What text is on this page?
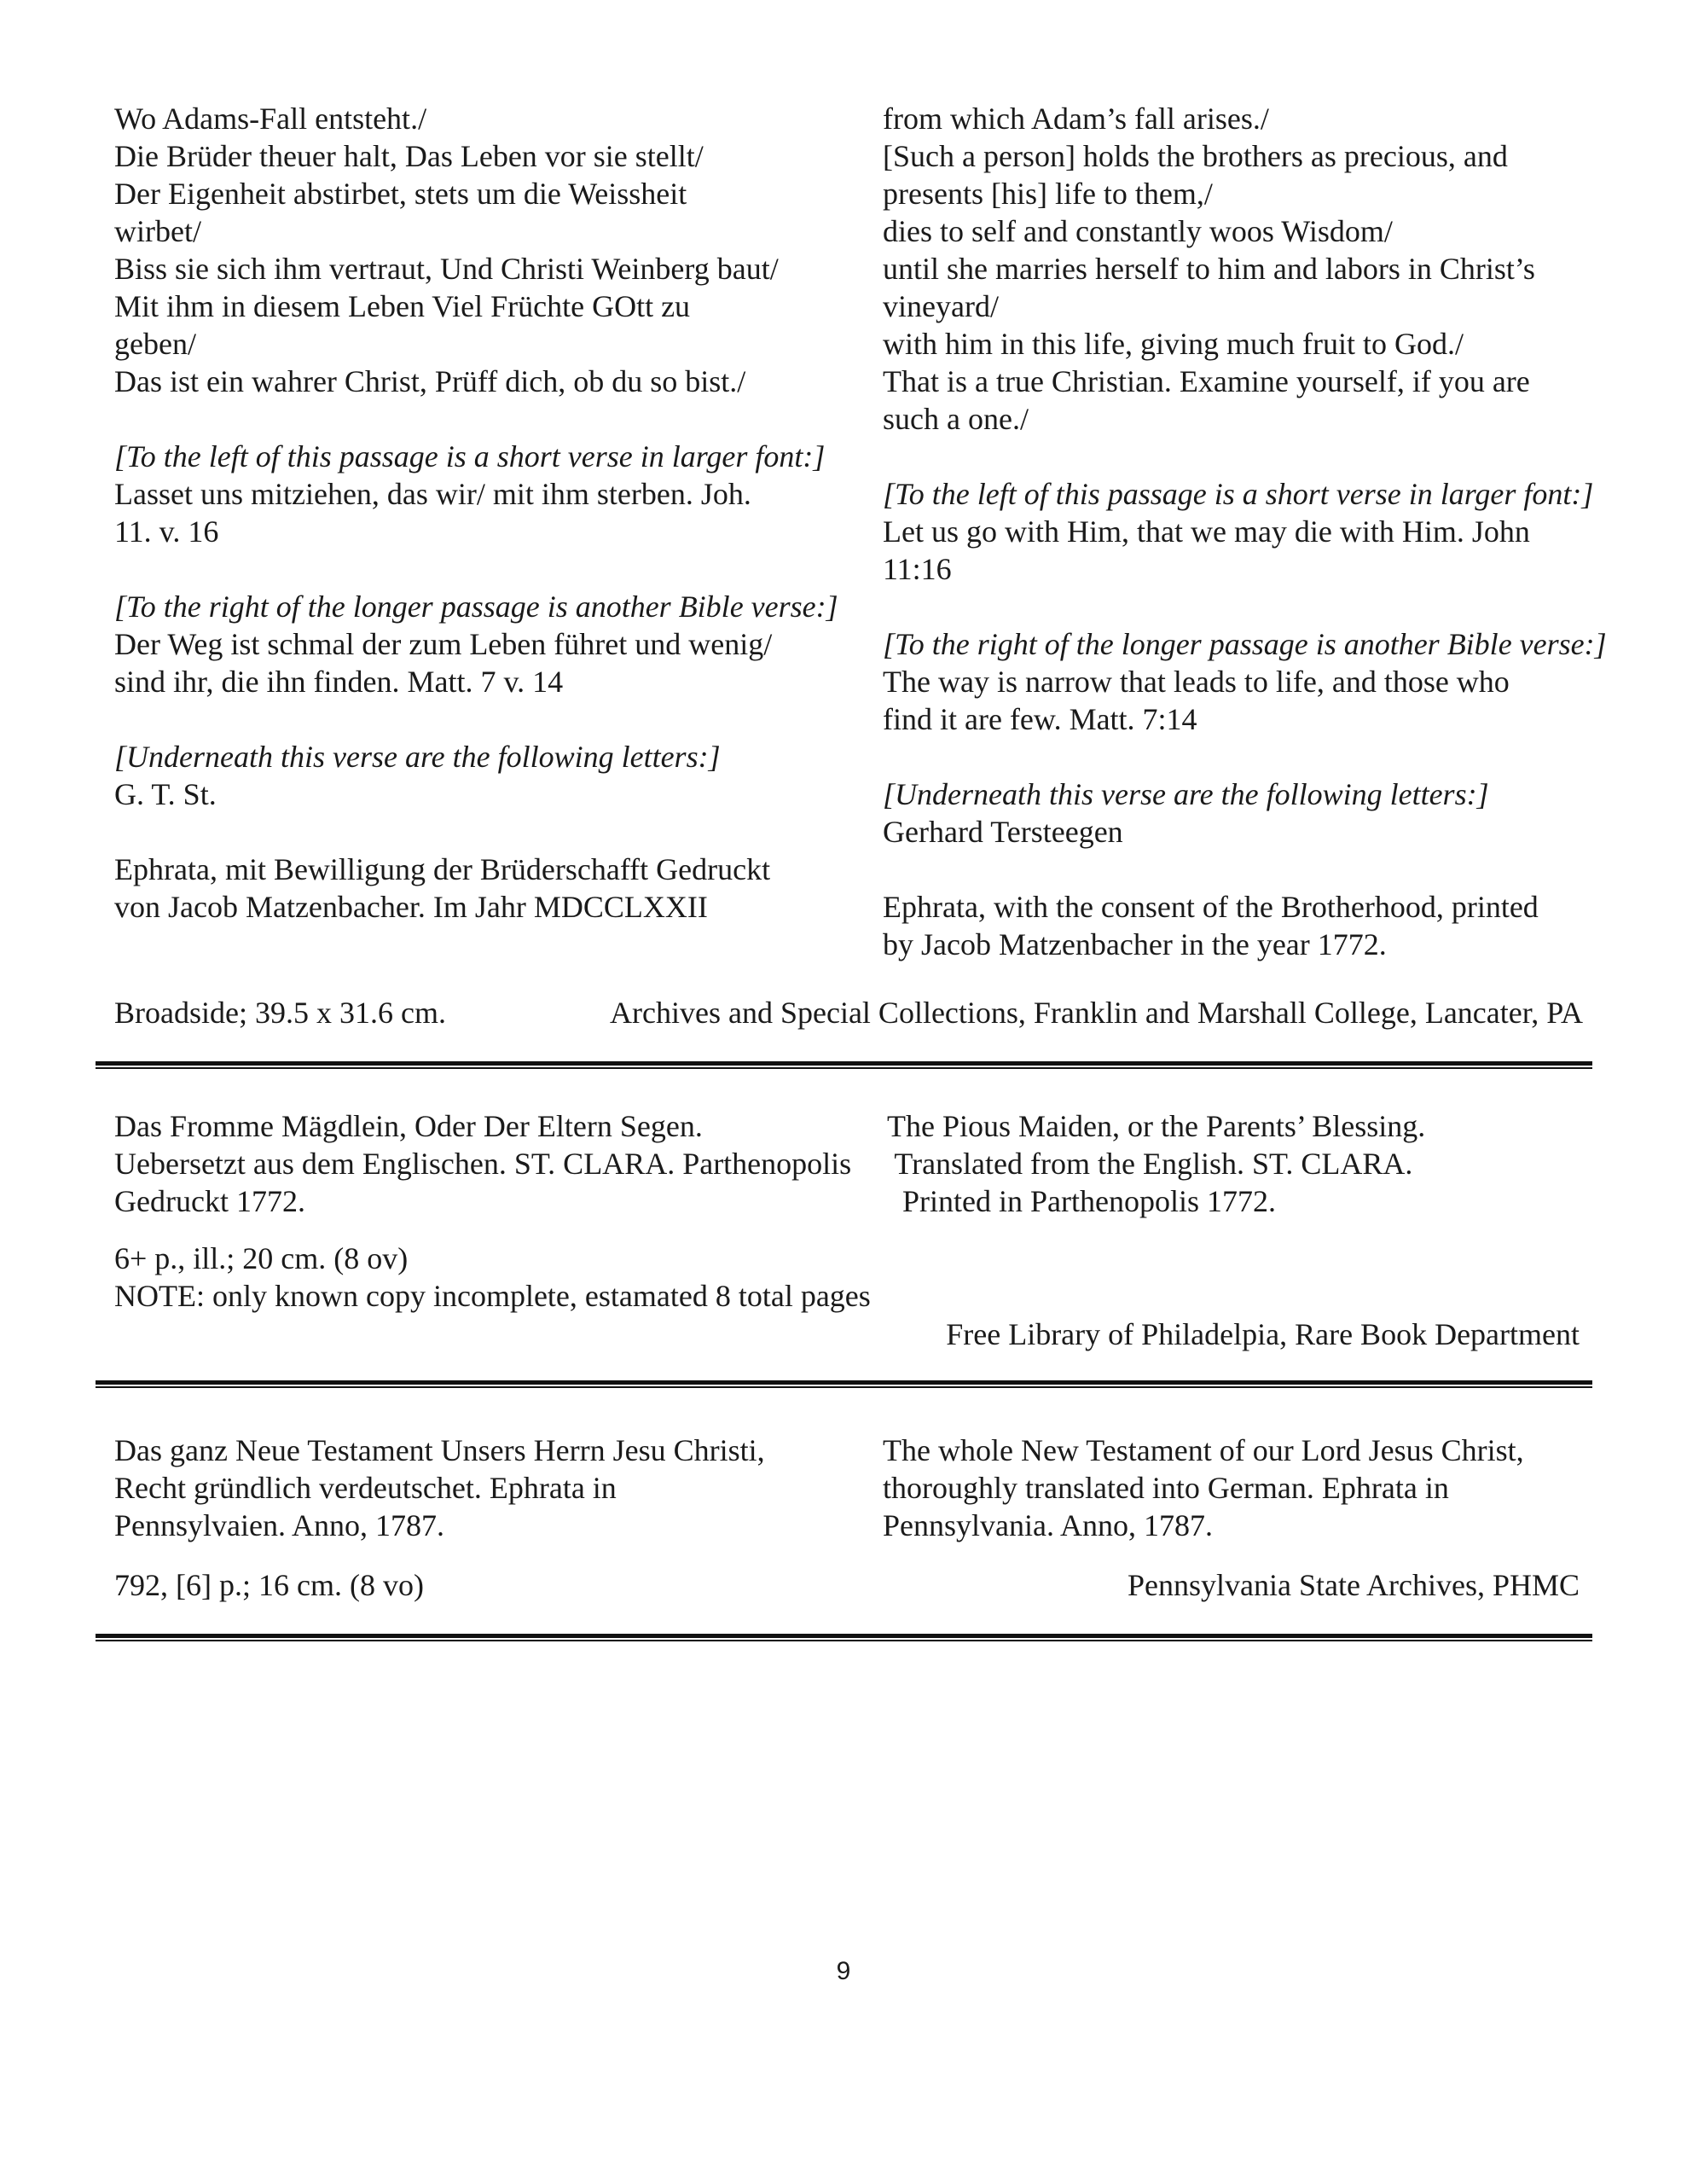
Wo Adams-Fall entsteht./
Die Brüder theuer halt, Das Leben vor sie stellt/
Der Eigenheit abstirbet, stets um die Weissheit
wirbet/
Biss sie sich ihm vertraut, Und Christi Weinberg baut/
Mit ihm in diesem Leben Viel Früchte GOtt zu
geben/
Das ist ein wahrer Christ, Prüff dich, ob du so bist./
[To the left of this passage is a short verse in larger font:]
Lasset uns mitziehen, das wir/ mit ihm sterben. Joh.
11. v. 16
[To the right of the longer passage is another Bible verse:]
Der Weg ist schmal der zum Leben führet und wenig/
sind ihr, die ihn finden. Matt. 7 v. 14
[Underneath this verse are the following letters:]
G. T. St.
Ephrata, mit Bewilligung der Brüderschafft Gedruckt
von Jacob Matzenbacher. Im Jahr MDCCLXXII
from which Adam’s fall arises./
[Such a person] holds the brothers as precious, and
presents [his] life to them,/
dies to self and constantly woos Wisdom/
until she marries herself to him and labors in Christ’s
vineyard/
with him in this life, giving much fruit to God./
That is a true Christian. Examine yourself, if you are
such a one./
[To the left of this passage is a short verse in larger font:]
Let us go with Him, that we may die with Him. John
11:16
[To the right of the longer passage is another Bible verse:]
The way is narrow that leads to life, and those who
find it are few. Matt. 7:14
[Underneath this verse are the following letters:]
Gerhard Tersteegen
Ephrata, with the consent of the Brotherhood, printed
by Jacob Matzenbacher in the year 1772.
Broadside; 39.5 x 31.6 cm.	Archives and Special Collections, Franklin and Marshall College, Lancater, PA
Das Fromme Mägdlein, Oder Der Eltern Segen.
Uebersetzt aus dem Englischen. ST. CLARA. Parthenopolis
Gedruckt 1772.
The Pious Maiden, or the Parents’ Blessing.
Translated from the English. ST. CLARA.
Printed in Parthenopolis 1772.
6+ p., ill.; 20 cm. (8 ov)
NOTE: only known copy incomplete, estamated 8 total pages
Free Library of Philadelpia, Rare Book Department
Das ganz Neue Testament Unsers Herrn Jesu Christi,
Recht gründlich verdeutschet. Ephrata in
Pennsylvaien. Anno, 1787.
The whole New Testament of our Lord Jesus Christ,
thoroughly translated into German. Ephrata in
Pennsylvania. Anno, 1787.
792, [6] p.; 16 cm. (8 vo)	Pennsylvania State Archives, PHMC
9
